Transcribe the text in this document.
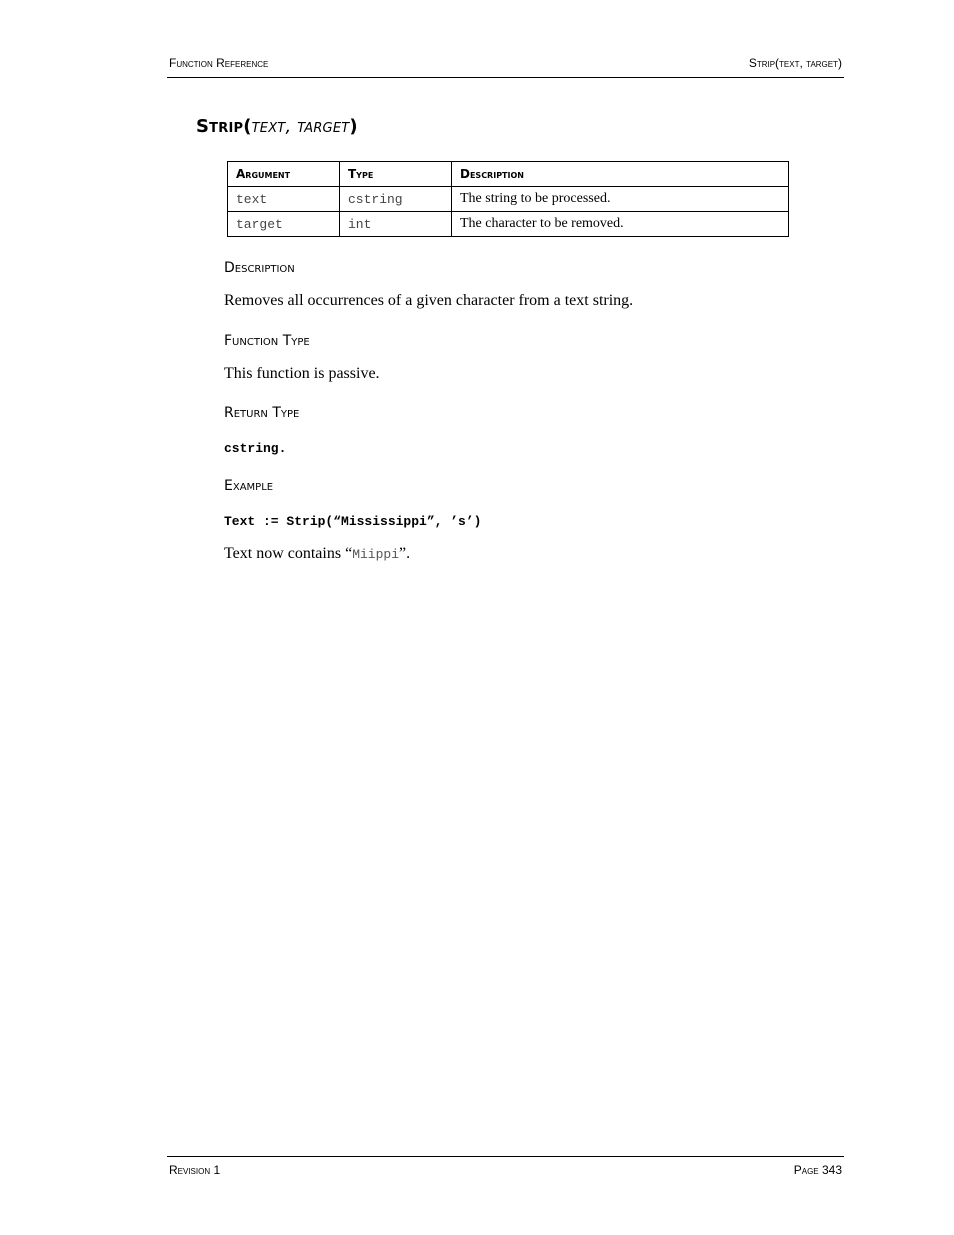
Function Reference	Strip(text, target)
Strip(text, target)
Argument	Type	Description
text	cstring	The string to be processed.
target	int	The character to be removed.
Description
Removes all occurrences of a given character from a text string.
Function Type
This function is passive.
Return Type
cstring.
Example
Text := Strip(“Mississippi”, ’s’)
Text now contains “Miippi”.
Revision 1	Page 343
